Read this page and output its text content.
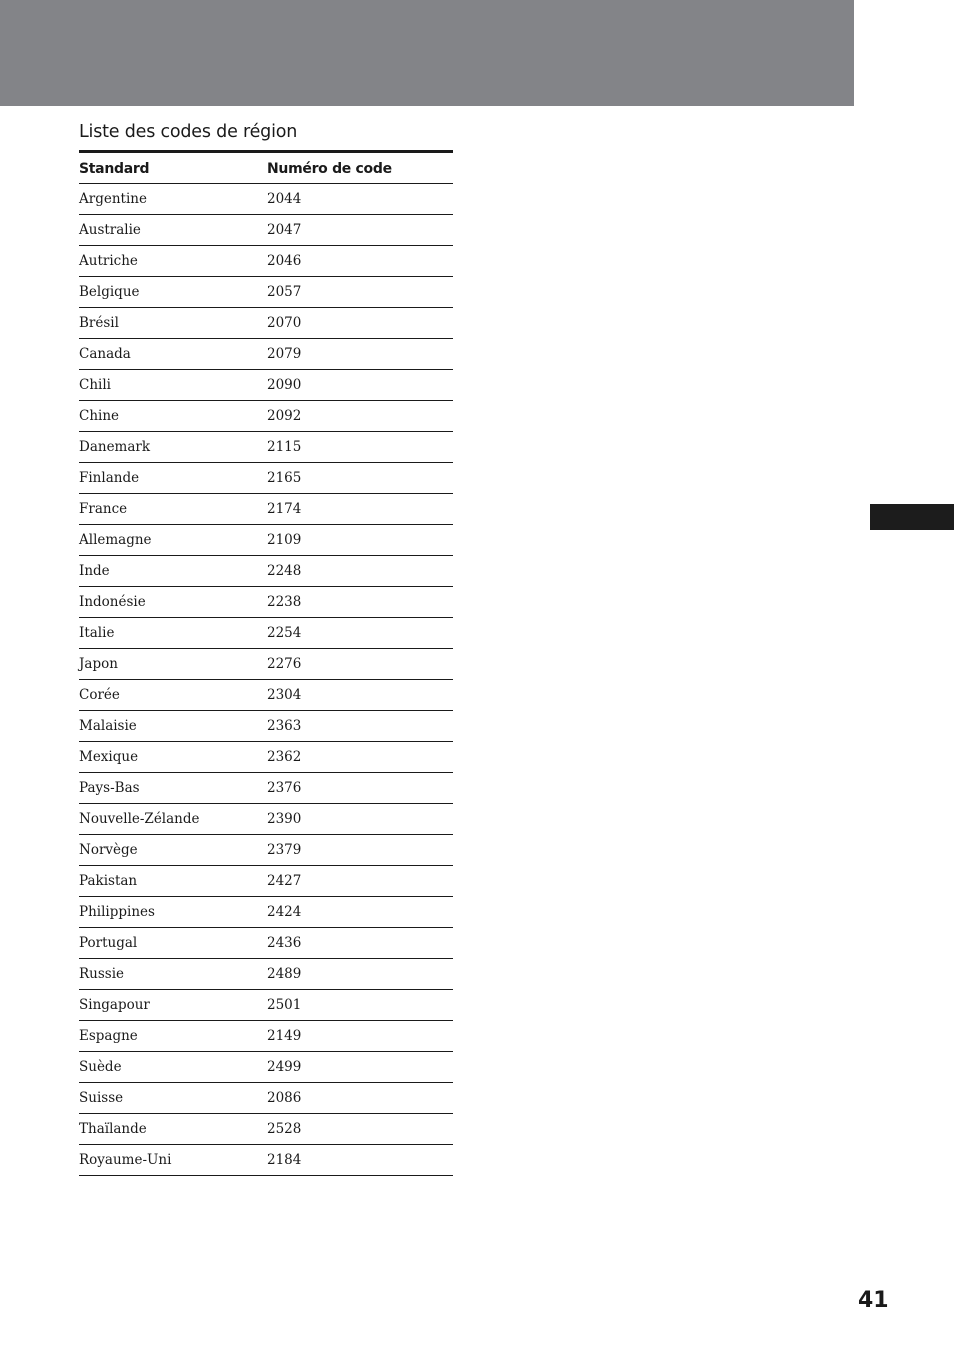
Liste des codes de région
Standard	Numéro de code
Argentine	2044
Australie	2047
Autriche	2046
Belgique	2057
Brésil	2070
Canada	2079
Chili	2090
Chine	2092
Danemark	2115
Finlande	2165
France	2174
Allemagne	2109
Inde	2248
Indonésie	2238
Italie	2254
Japon	2276
Corée	2304
Malaisie	2363
Mexique	2362
Pays-Bas	2376
Nouvelle-Zélande	2390
Norvège	2379
Pakistan	2427
Philippines	2424
Portugal	2436
Russie	2489
Singapour	2501
Espagne	2149
Suède	2499
Suisse	2086
Thaïlande	2528
Royaume-Uni	2184
41
